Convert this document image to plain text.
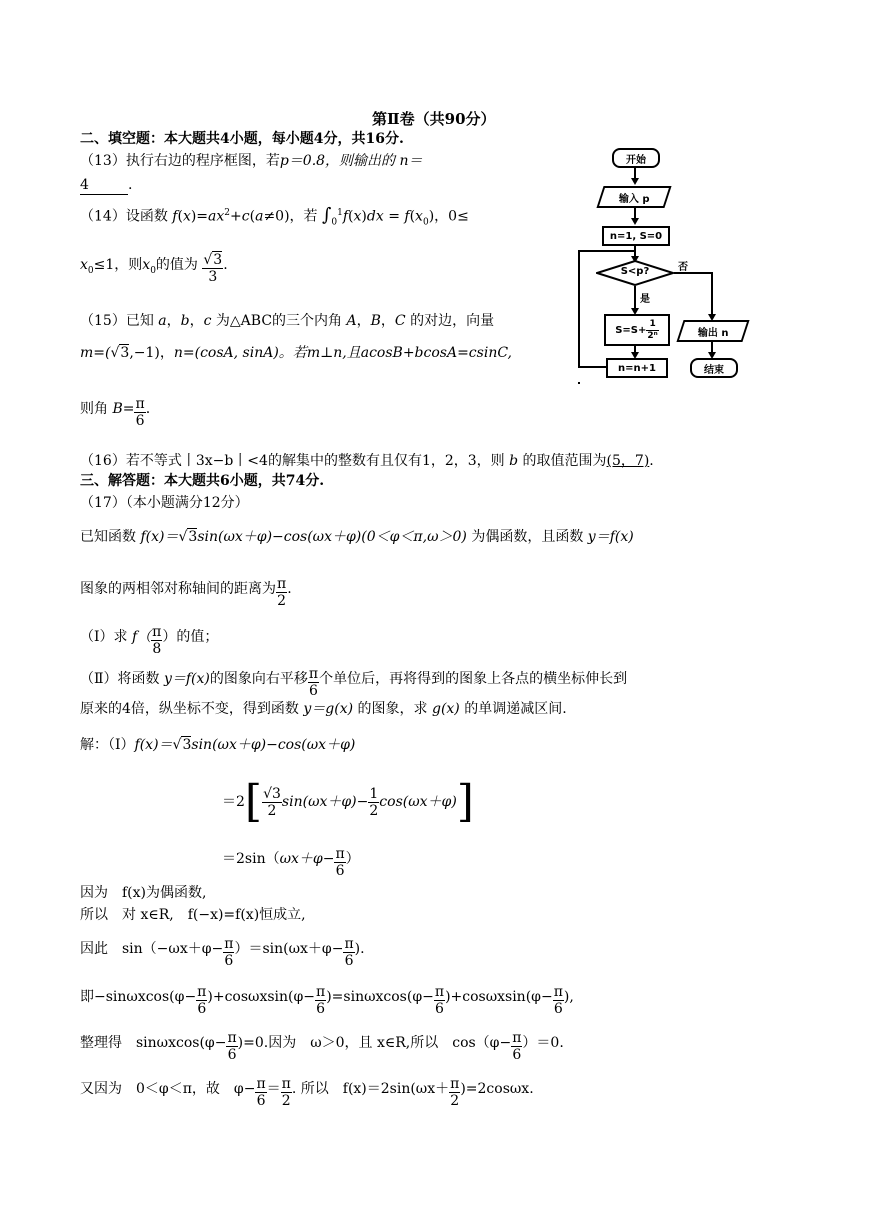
第Ⅱ卷（共90分）
二、填空题：本大题共4小题，每小题4分，共16分.
（13）执行右边的程序框图，若p＝0.8，则输出的 n＝
4	.
（14）设函数 $f(x)=ax^2+c(a\ne 0)$，若 $\int_0^1f(x)dx = f(x_0)$，0≤
$x_0\le 1$，则$x_0$的值为 $\frac{√3}{3}$ .
（15）已知 a，b，c 为△ABC的三个内角 A，B，C 的对边，向量
m=(√3,−1)，n=(cosA, sinA)。若m⊥n,且acosB+bcosA=csinC,
则角 $B= \frac{\pi}{6}$ .
（16）若不等式丨3x−b丨<4的解集中的整数有且仅有1，2，3，则 b 的取值范围为(5，7).
三、解答题：本大题共6小题，共74分.
（17）（本小题满分12分）
已知函数 f(x)＝√3sin(ωx＋φ)−cos(ωx＋φ)(0＜φ＜π,ω＞0) 为偶函数，且函数 y＝f(x)
图象的两相邻对称轴间的距离为 $\frac{\pi}{2}$ .
（Ⅰ）求 $f( \frac{\pi}{8}$ ）的值；
（Ⅱ）将函数 y＝f(x)的图象向右平移 $\frac{\pi}{6}$ 个单位后，再将得到的图象上各点的横坐标伸长到
原来的4倍，纵坐标不变，得到函数 y＝g(x) 的图象，求 g(x) 的单调递减区间.
解：（Ⅰ）f(x)＝√3sin(ωx＋φ)−cos(ωx＋φ)
$=2[ \frac{√3}{2} \sin(\omega x+\varphi)- \frac{1}{2} \cos(\omega x+\varphi)]$
$=2\sin(\omega x+\varphi- \frac{\pi}{6}$ ）
因为　f(x)为偶函数,
所以　对 x∈R,　f(−x)=f(x)恒成立,
因此　$\sin(-\omega x+\varphi- \frac{\pi}{6} )=\sin(\omega x+\varphi- \frac{\pi}{6}$ ).
即$-\sin\omega xcos(\varphi- \frac{\pi}{6} )+\cos\omega xsin(\varphi- \frac{\pi}{6} )=\sin\omega xcos(\varphi- \frac{\pi}{6} )+\cos\omega xsin(\varphi- \frac{\pi}{6}$ ),
整理得　$\sin\omega xcos(\varphi- \frac{\pi}{6} )=0$.因为　ω＞0，且 x∈R,所以　$\cos(\varphi- \frac{\pi}{6} )=0$.
又因为　0＜φ＜π，故　$\varphi- \frac{\pi}{6} = \frac{\pi}{2}$ . 所以　$f(x)=2\sin(\omega x+ \frac{\pi}{2} )=2\cos\omega x$.
开始
输入 p
n=1, S=0
S<p?	否
是
$S=S+ \frac{1}{\text{2ⁿ}}$
n=n+1
输出 n
结束
